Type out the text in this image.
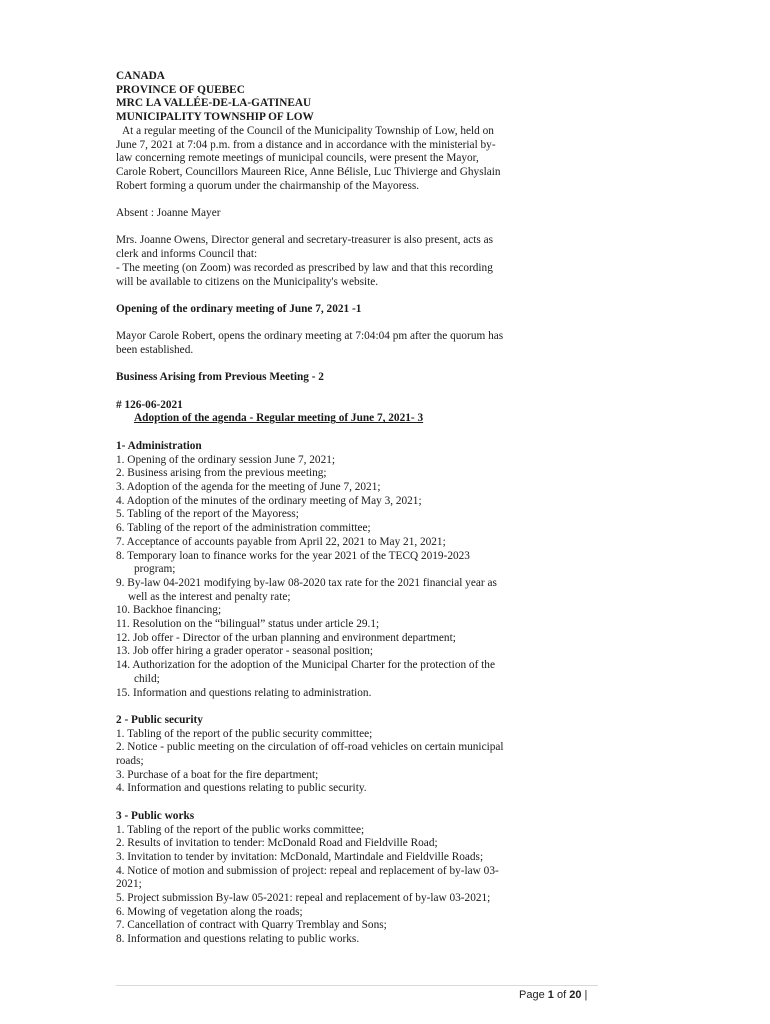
CANADA
PROVINCE OF QUEBEC
MRC LA VALLÉE-DE-LA-GATINEAU
MUNICIPALITY TOWNSHIP OF LOW
At a regular meeting of the Council of the Municipality Township of Low, held on
June 7, 2021 at 7:04 p.m. from a distance and in accordance with the ministerial by-
law concerning remote meetings of municipal councils, were present the Mayor,
Carole Robert, Councillors Maureen Rice, Anne Bélisle, Luc Thivierge and Ghyslain
Robert forming a quorum under the chairmanship of the Mayoress.
Absent : Joanne Mayer
Mrs. Joanne Owens, Director general and secretary-treasurer is also present, acts as
clerk and informs Council that:
- The meeting (on Zoom) was recorded as prescribed by law and that this recording
will be available to citizens on the Municipality's website.
Opening of the ordinary meeting of June 7, 2021 -1
Mayor Carole Robert, opens the ordinary meeting at 7:04:04 pm after the quorum has
been established.
Business Arising from Previous Meeting - 2
# 126-06-2021
Adoption of the agenda - Regular meeting of June 7, 2021- 3
1- Administration
1. Opening of the ordinary session June 7, 2021;
2. Business arising from the previous meeting;
3. Adoption of the agenda for the meeting of June 7, 2021;
4. Adoption of the minutes of the ordinary meeting of May 3, 2021;
5. Tabling of the report of the Mayoress;
6. Tabling of the report of the administration committee;
7. Acceptance of accounts payable from April 22, 2021 to May 21, 2021;
8. Temporary loan to finance works for the year 2021 of the TECQ 2019-2023
program;
9. By-law 04-2021 modifying by-law 08-2020 tax rate for the 2021 financial year as
well as the interest and penalty rate;
10. Backhoe financing;
11. Resolution on the “bilingual” status under article 29.1;
12. Job offer - Director of the urban planning and environment department;
13. Job offer hiring a grader operator - seasonal position;
14. Authorization for the adoption of the Municipal Charter for the protection of the
child;
15. Information and questions relating to administration.
2 - Public security
1. Tabling of the report of the public security committee;
2. Notice - public meeting on the circulation of off-road vehicles on certain municipal
roads;
3. Purchase of a boat for the fire department;
4. Information and questions relating to public security.
3 - Public works
1. Tabling of the report of the public works committee;
2. Results of invitation to tender: McDonald Road and Fieldville Road;
3. Invitation to tender by invitation: McDonald, Martindale and Fieldville Roads;
4. Notice of motion and submission of project: repeal and replacement of by-law 03-
2021;
5. Project submission By-law 05-2021: repeal and replacement of by-law 03-2021;
6. Mowing of vegetation along the roads;
7. Cancellation of contract with Quarry Tremblay and Sons;
8. Information and questions relating to public works.
Page 1 of 20 |
